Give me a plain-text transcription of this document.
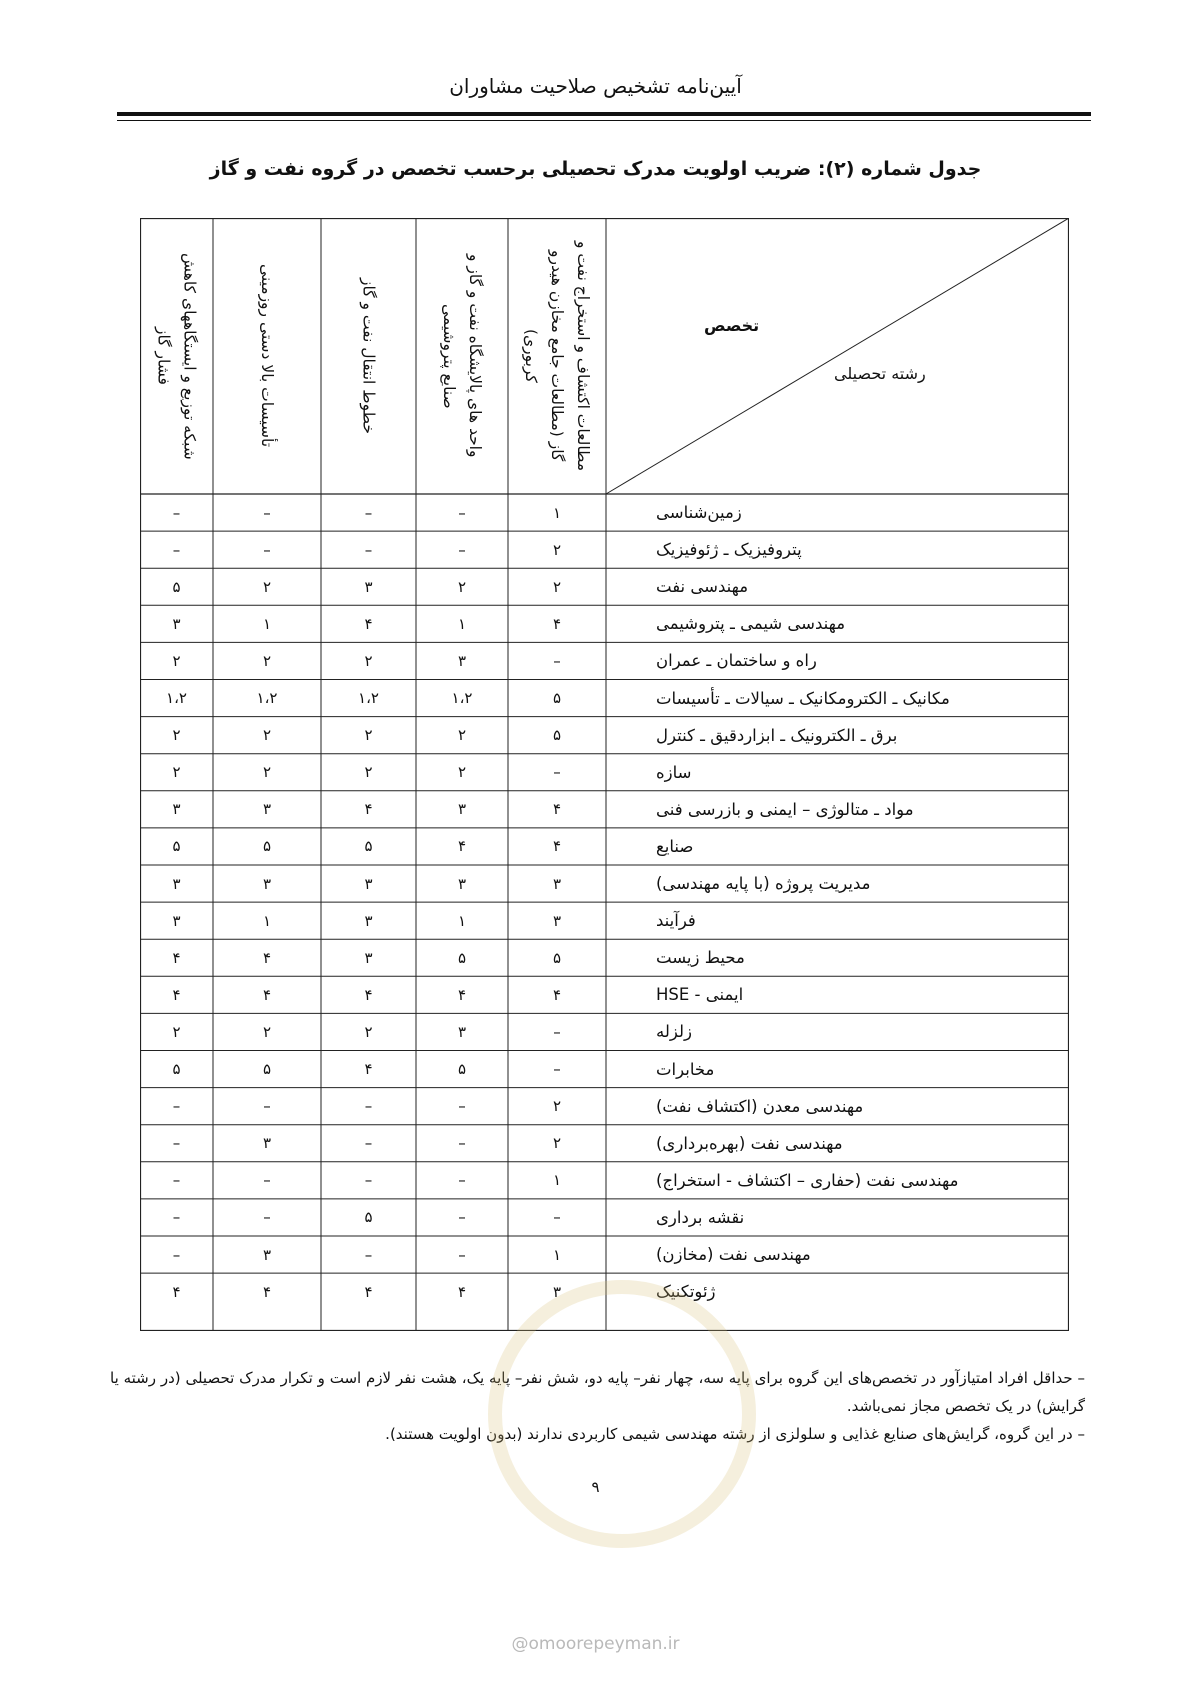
آیین‌نامه تشخیص صلاحیت مشاوران
جدول شماره (۲): ضریب اولویت مدرک تحصیلی برحسب تخصص در گروه نفت و گاز
مطالعات اکتشاف و استخراج نفت و
گاز (مطالعات جامع مخازن هیدرو
کربوری)
واحد های پالایشگاه نفت و گاز و
صنایع پتروشیمی
خطوط انتقال نفت و گاز
تأسیسات بالا دستی روزمینی
شبکه توزیع و ایستگاههای کاهش
فشار گاز
تخصص
رشته تحصیلی
زمین‌شناسی
۱
–
–
–
–
پتروفیزیک ـ ژئوفیزیک
۲
–
–
–
–
مهندسی نفت
۲
۲
۳
۲
۵
مهندسی شیمی ـ پتروشیمی
۴
۱
۴
۱
۳
راه و ساختمان ـ عمران
–
۳
۲
۲
۲
مکانیک ـ الکترومکانیک ـ سیالات ـ تأسیسات
۵
۱،۲
۱،۲
۱،۲
۱،۲
برق ـ الکترونیک ـ ابزاردقیق ـ کنترل
۵
۲
۲
۲
۲
سازه
–
۲
۲
۲
۲
مواد ـ متالوژی – ایمنی و بازرسی فنی
۴
۳
۴
۳
۳
صنایع
۴
۴
۵
۵
۵
مدیریت پروژه (با پایه مهندسی)
۳
۳
۳
۳
۳
فرآیند
۳
۱
۳
۱
۳
محیط زیست
۵
۵
۳
۴
۴
ایمنی - HSE
۴
۴
۴
۴
۴
زلزله
–
۳
۲
۲
۲
مخابرات
–
۵
۴
۵
۵
مهندسی معدن (اکتشاف نفت)
۲
–
–
–
–
مهندسی نفت (بهره‌برداری)
۲
–
–
۳
–
مهندسی نفت (حفاری – اکتشاف - استخراج)
۱
–
–
–
–
نقشه برداری
–
–
۵
–
–
مهندسی نفت (مخازن)
۱
–
–
۳
–
ژئوتکنیک
۳
۴
۴
۴
۴
– حداقل افراد امتیازآور در تخصص‌های این گروه برای پایه سه، چهار نفر– پایه دو، شش نفر– پایه یک، هشت نفر لازم است و تکرار مدرک تحصیلی (در رشته یا گرایش) در یک تخصص مجاز نمی‌باشد.
– در این گروه، گرایش‌های صنایع غذایی و سلولزی از رشته مهندسی شیمی کاربردی ندارند (بدون اولویت هستند).
۹
@omoorepeyman.ir
